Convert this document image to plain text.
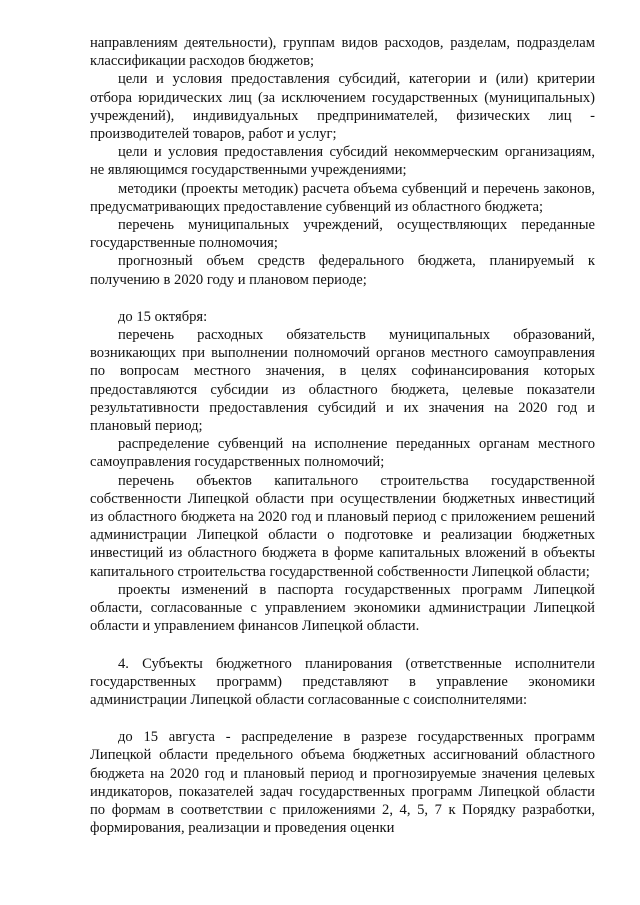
направлениям деятельности), группам видов расходов, разделам, подразделам классификации расходов бюджетов;

цели и условия предоставления субсидий, категории и (или) критерии отбора юридических лиц (за исключением государственных (муниципальных) учреждений), индивидуальных предпринимателей, физических лиц - производителей товаров, работ и услуг;

цели и условия предоставления субсидий некоммерческим организациям, не являющимся государственными учреждениями;

методики (проекты методик) расчета объема субвенций и перечень законов, предусматривающих предоставление субвенций из областного бюджета;

перечень муниципальных учреждений, осуществляющих переданные государственные полномочия;

прогнозный объем средств федерального бюджета, планируемый к получению в 2020 году и плановом периоде;

до 15 октября:

перечень расходных обязательств муниципальных образований, возникающих при выполнении полномочий органов местного самоуправления по вопросам местного значения, в целях софинансирования которых предоставляются субсидии из областного бюджета, целевые показатели результативности предоставления субсидий и их значения на 2020 год и плановый период;

распределение субвенций на исполнение переданных органам местного самоуправления государственных полномочий;

перечень объектов капитального строительства государственной собственности Липецкой области при осуществлении бюджетных инвестиций из областного бюджета на 2020 год и плановый период с приложением решений администрации Липецкой области о подготовке и реализации бюджетных инвестиций из областного бюджета в форме капитальных вложений в объекты капитального строительства государственной собственности Липецкой области;

проекты изменений в паспорта государственных программ Липецкой области, согласованные с управлением экономики администрации Липецкой области и управлением финансов Липецкой области.

4. Субъекты бюджетного планирования (ответственные исполнители государственных программ) представляют в управление экономики администрации Липецкой области согласованные с соисполнителями:

до 15 августа - распределение в разрезе государственных программ Липецкой области предельного объема бюджетных ассигнований областного бюджета на 2020 год и плановый период и прогнозируемые значения целевых индикаторов, показателей задач государственных программ Липецкой области по формам в соответствии с приложениями 2, 4, 5, 7 к Порядку разработки, формирования, реализации и проведения оценки
